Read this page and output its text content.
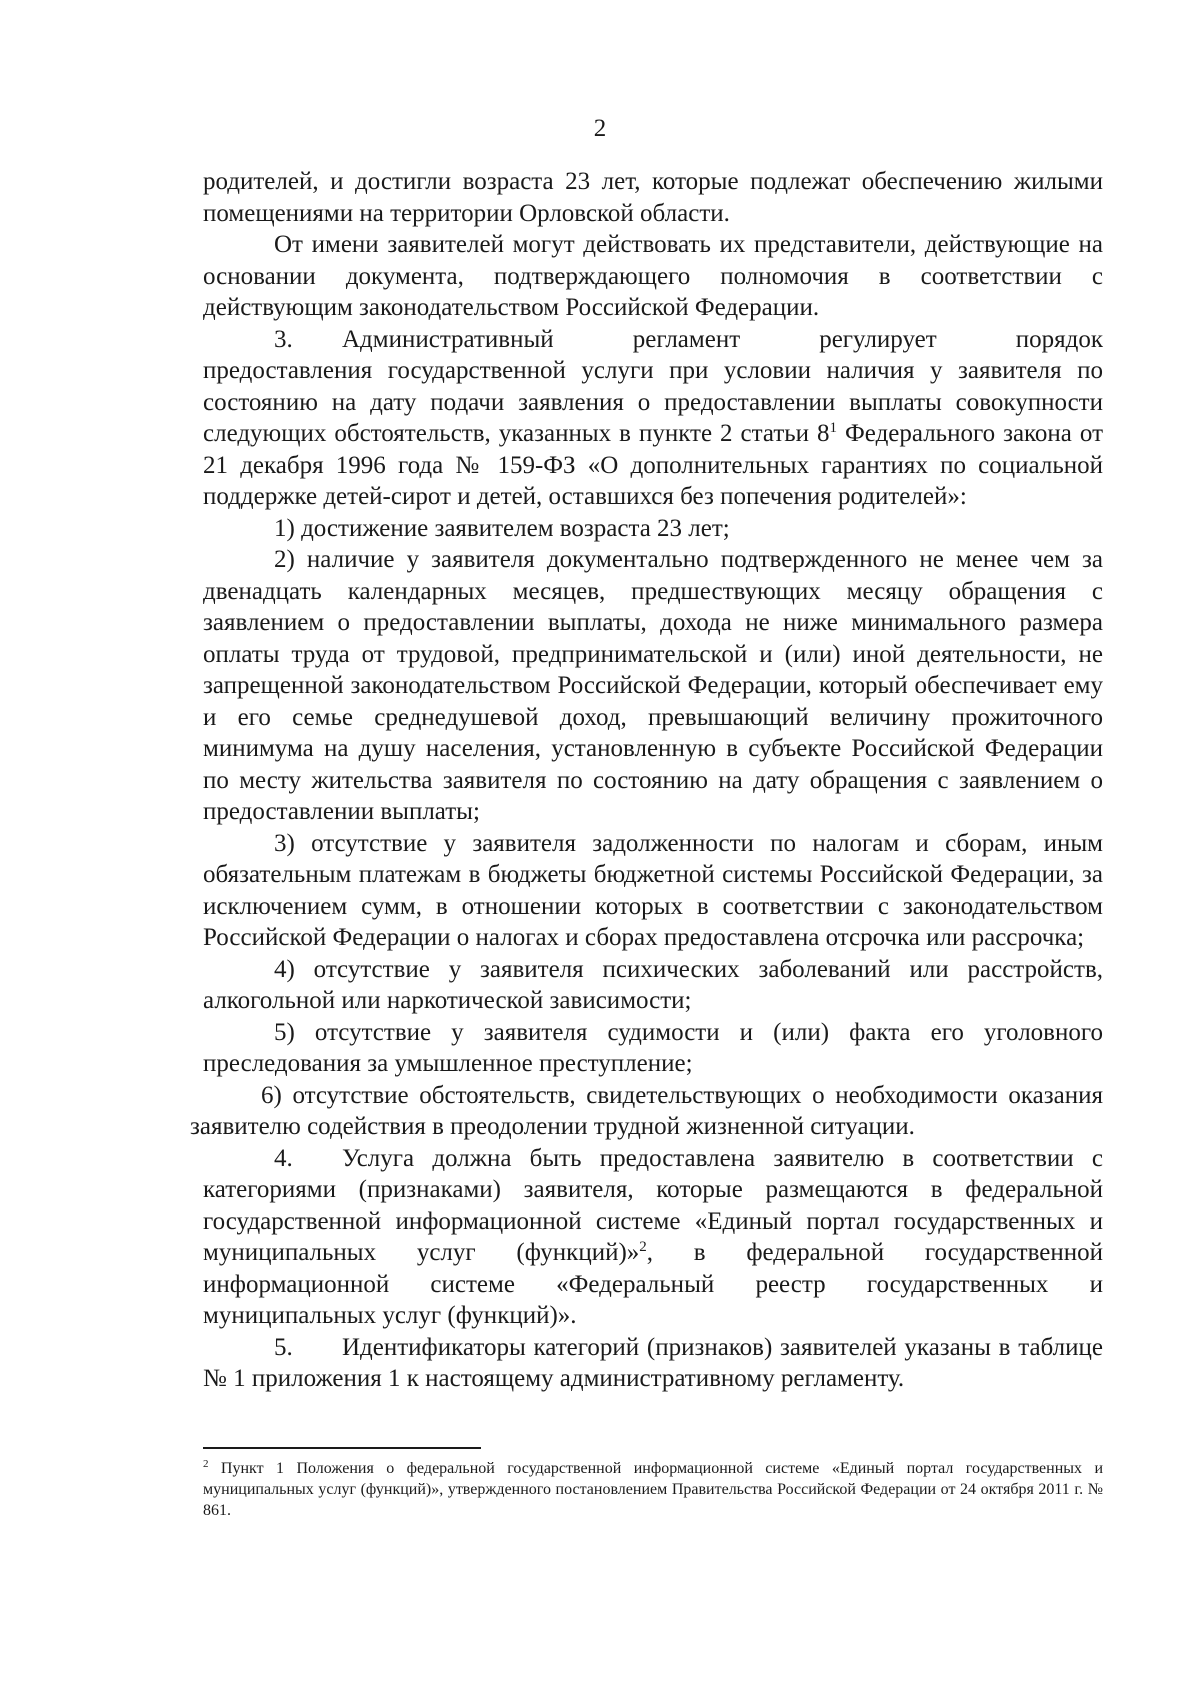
2

родителей, и достигли возраста 23 лет, которые подлежат обеспечению жилыми помещениями на территории Орловской области.

От имени заявителей могут действовать их представители, действующие на основании документа, подтверждающего полномочия в соответствии с действующим законодательством Российской Федерации.

3. Административный регламент регулирует порядок

предоставления государственной услуги при условии наличия у заявителя по состоянию на дату подачи заявления о предоставлении выплаты совокупности следующих обстоятельств, указанных в пункте 2 статьи $8^1$ Федерального закона от 21 декабря 1996 года № 159-ФЗ «О дополнительных гарантиях по социальной поддержке детей-сирот и детей, оставшихся без попечения родителей»:

1) достижение заявителем возраста 23 лет;

2) наличие у заявителя документально подтвержденного не менее чем за двенадцать календарных месяцев, предшествующих месяцу обращения с заявлением о предоставлении выплаты, дохода не ниже минимального размера оплаты труда от трудовой, предпринимательской и (или) иной деятельности, не запрещенной законодательством Российской Федерации, который обеспечивает ему и его семье среднедушевой доход, превышающий величину прожиточного минимума на душу населения, установленную в субъекте Российской Федерации по месту жительства заявителя по состоянию на дату обращения с заявлением о предоставлении выплаты;

3) отсутствие у заявителя задолженности по налогам и сборам, иным обязательным платежам в бюджеты бюджетной системы Российской Федерации, за исключением сумм, в отношении которых в соответствии с законодательством Российской Федерации о налогах и сборах предоставлена отсрочка или рассрочка;

4) отсутствие у заявителя психических заболеваний или расстройств, алкогольной или наркотической зависимости;

5) отсутствие у заявителя судимости и (или) факта его уголовного преследования за умышленное преступление;

6) отсутствие обстоятельств, свидетельствующих о необходимости оказания заявителю содействия в преодолении трудной жизненной ситуации.

4. Услуга должна быть предоставлена заявителю в соответствии с категориями (признаками) заявителя, которые размещаются в федеральной государственной информационной системе «Единый портал государственных и муниципальных услуг (функций)»$^2$, в федеральной государственной информационной системе «Федеральный реестр государственных и муниципальных услуг (функций)».

5. Идентификаторы категорий (признаков) заявителей указаны в таблице № 1 приложения 1 к настоящему административному регламенту.

$^2$ Пункт 1 Положения о федеральной государственной информационной системе «Единый портал государственных и муниципальных услуг (функций)», утвержденного постановлением Правительства Российской Федерации от 24 октября 2011 г. № 861.
